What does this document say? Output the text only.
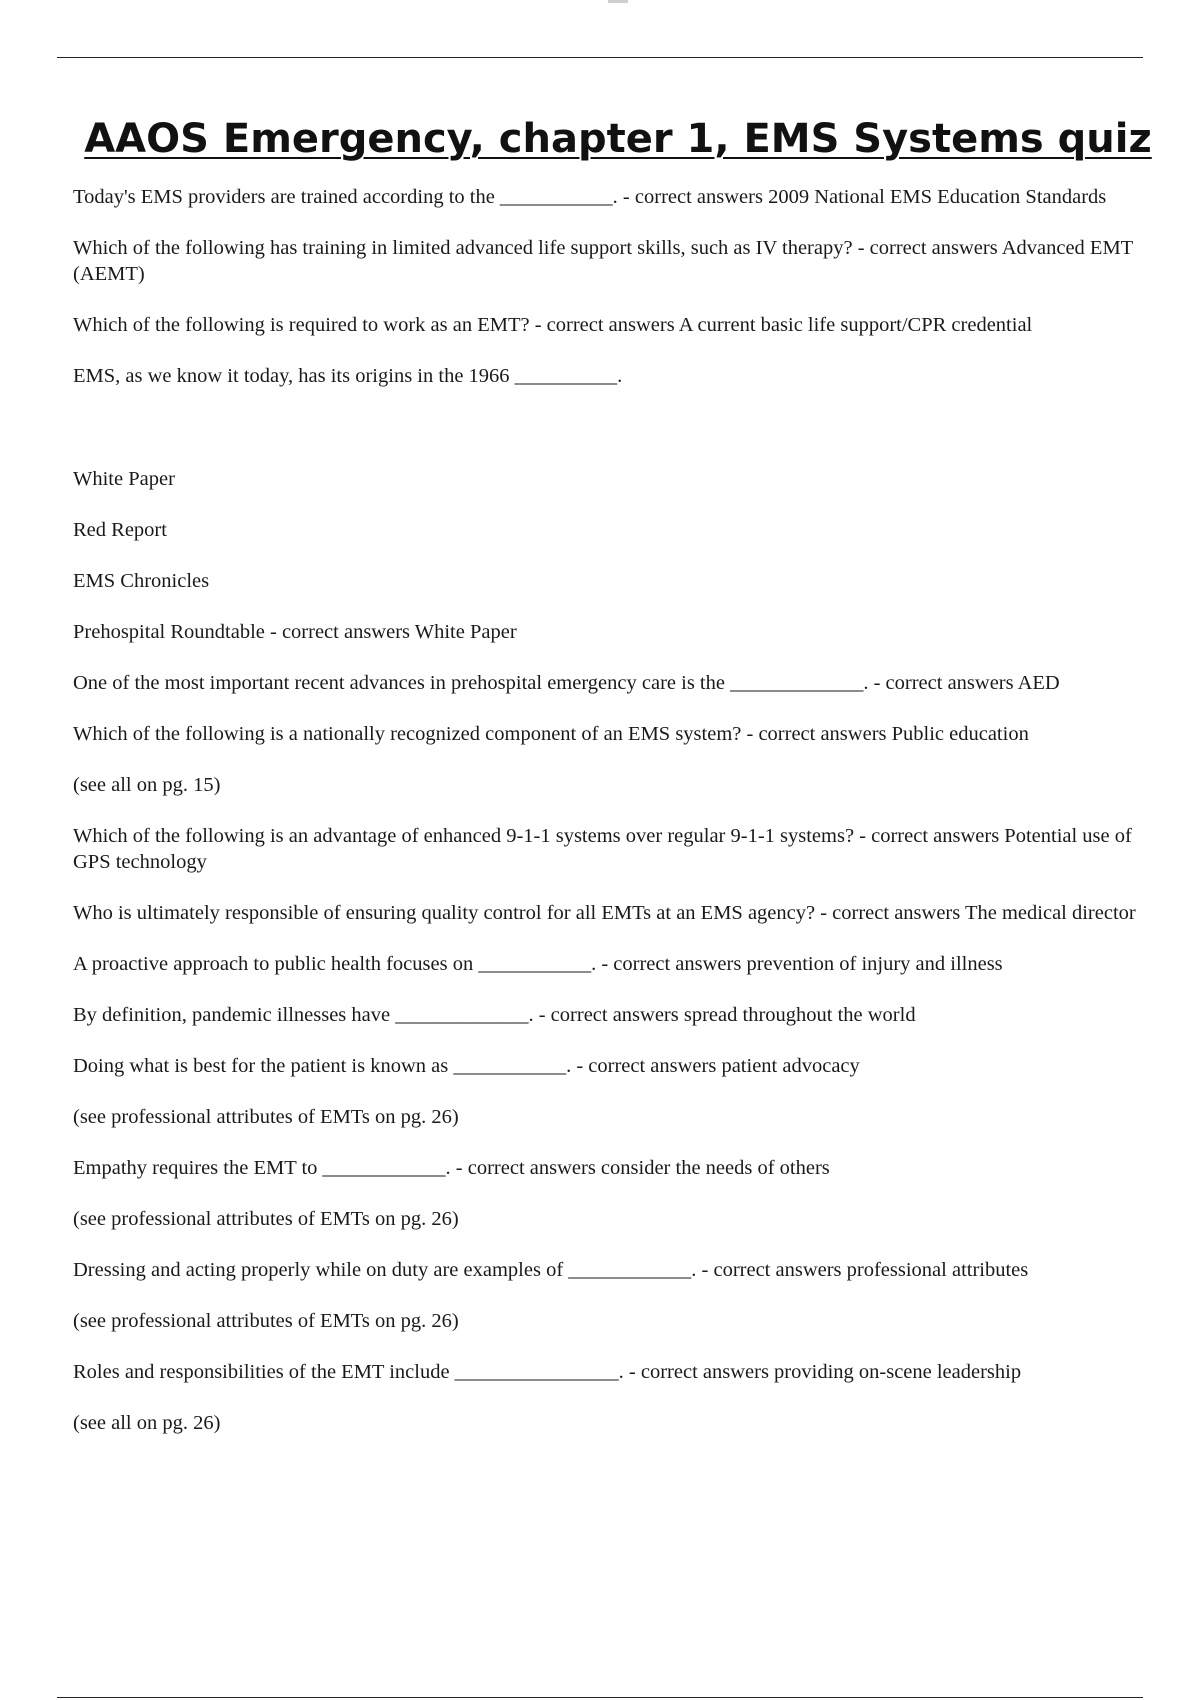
AAOS Emergency, chapter 1, EMS Systems quiz

Today's EMS providers are trained according to the ___________. - correct answers 2009 National EMS Education Standards

Which of the following has training in limited advanced life support skills, such as IV therapy? - correct answers Advanced EMT (AEMT)

Which of the following is required to work as an EMT? - correct answers A current basic life support/CPR credential

EMS, as we know it today, has its origins in the 1966 __________.

White Paper

Red Report

EMS Chronicles

Prehospital Roundtable - correct answers White Paper

One of the most important recent advances in prehospital emergency care is the _____________. - correct answers AED

Which of the following is a nationally recognized component of an EMS system? - correct answers Public education

(see all on pg. 15)

Which of the following is an advantage of enhanced 9-1-1 systems over regular 9-1-1 systems? - correct answers Potential use of GPS technology

Who is ultimately responsible of ensuring quality control for all EMTs at an EMS agency? - correct answers The medical director

A proactive approach to public health focuses on ___________. - correct answers prevention of injury and illness

By definition, pandemic illnesses have _____________. - correct answers spread throughout the world

Doing what is best for the patient is known as ___________. - correct answers patient advocacy

(see professional attributes of EMTs on pg. 26)

Empathy requires the EMT to ____________. - correct answers consider the needs of others

(see professional attributes of EMTs on pg. 26)

Dressing and acting properly while on duty are examples of ____________. - correct answers professional attributes

(see professional attributes of EMTs on pg. 26)

Roles and responsibilities of the EMT include ________________. - correct answers providing on-scene leadership

(see all on pg. 26)
